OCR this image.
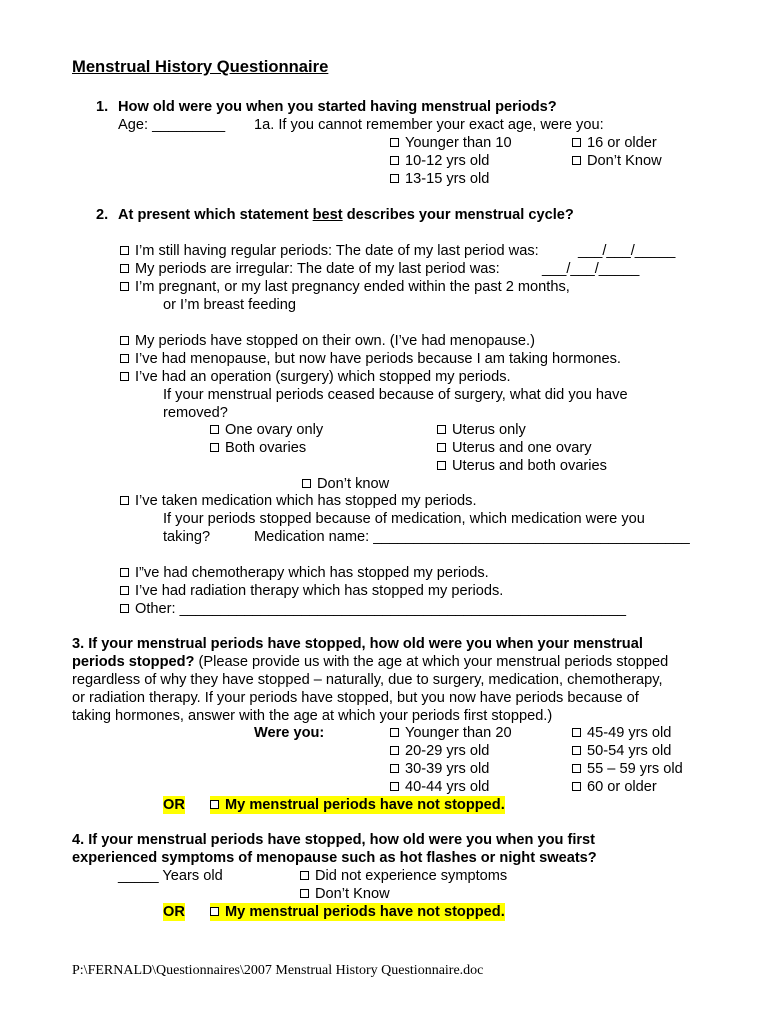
Menstrual History Questionnaire
1. How old were you when you started having menstrual periods?
Age: _________ 1a. If you cannot remember your exact age, were you:
Younger than 10
10-12 yrs old
13-15 yrs old
16 or older
Don’t Know
2. At present which statement best describes your menstrual cycle?
I’m still having regular periods: The date of my last period was:	___/___/_____
My periods are irregular: The date of my last period was:	___/___/_____
I’m pregnant, or my last pregnancy ended within the past 2 months,
or I’m breast feeding
My periods have stopped on their own. (I’ve had menopause.)
I’ve had menopause, but now have periods because I am taking hormones.
I’ve had an operation (surgery) which stopped my periods.
If your menstrual periods ceased because of surgery, what did you have
removed?
One ovary only
Both ovaries
Uterus only
Uterus and one ovary
Uterus and both ovaries
Don’t know
I’ve taken medication which has stopped my periods.
If your periods stopped because of medication, which medication were you
taking?	Medication name: _______________________________________
I”ve had chemotherapy which has stopped my periods.
I’ve had radiation therapy which has stopped my periods.
Other: _______________________________________________________
3. If your menstrual periods have stopped, how old were you when your menstrual
periods stopped? (Please provide us with the age at which your menstrual periods stopped
regardless of why they have stopped – naturally, due to surgery, medication, chemotherapy,
or radiation therapy. If your periods have stopped, but you now have periods because of
taking hormones, answer with the age at which your periods first stopped.)
Were you:	Younger than 20
20-29 yrs old
30-39 yrs old
40-44 yrs old
45-49 yrs old
50-54 yrs old
55 – 59 yrs old
60 or older
OR	My menstrual periods have not stopped.
4. If your menstrual periods have stopped, how old were you when you first
experienced symptoms of menopause such as hot flashes or night sweats?
_____ Years old	Did not experience symptoms
Don’t Know
OR	My menstrual periods have not stopped.
P:\FERNALD\Questionnaires\2007 Menstrual History Questionnaire.doc
